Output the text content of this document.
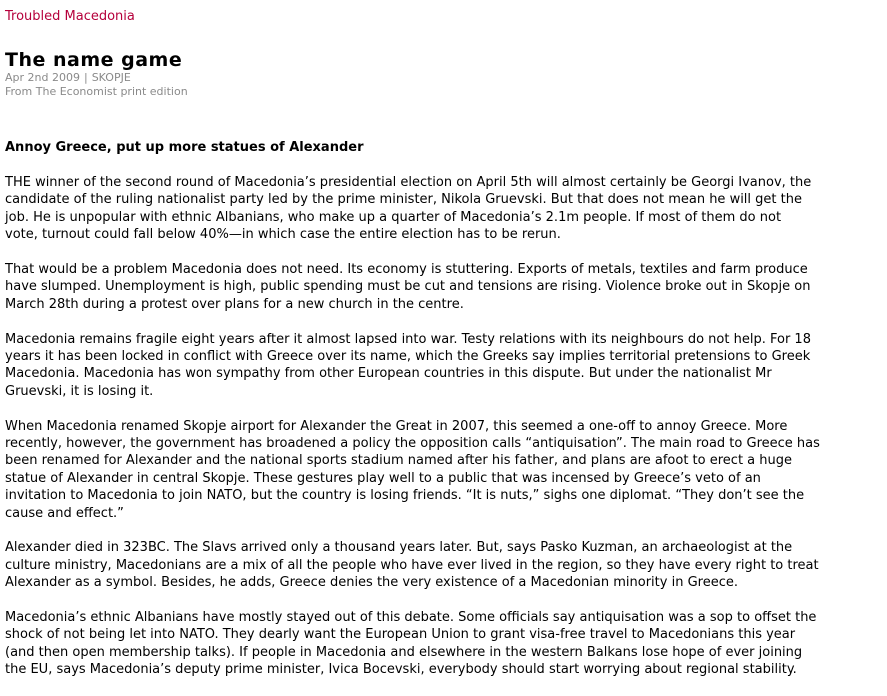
Troubled Macedonia
The name game
Apr 2nd 2009 | SKOPJE
From The Economist print edition
Annoy Greece, put up more statues of Alexander

THE winner of the second round of Macedonia’s presidential election on April 5th will almost certainly be Georgi Ivanov, the
candidate of the ruling nationalist party led by the prime minister, Nikola Gruevski. But that does not mean he will get the
job. He is unpopular with ethnic Albanians, who make up a quarter of Macedonia’s 2.1m people. If most of them do not
vote, turnout could fall below 40%—in which case the entire election has to be rerun.

That would be a problem Macedonia does not need. Its economy is stuttering. Exports of metals, textiles and farm produce
have slumped. Unemployment is high, public spending must be cut and tensions are rising. Violence broke out in Skopje on
March 28th during a protest over plans for a new church in the centre.

Macedonia remains fragile eight years after it almost lapsed into war. Testy relations with its neighbours do not help. For 18
years it has been locked in conflict with Greece over its name, which the Greeks say implies territorial pretensions to Greek
Macedonia. Macedonia has won sympathy from other European countries in this dispute. But under the nationalist Mr
Gruevski, it is losing it.

When Macedonia renamed Skopje airport for Alexander the Great in 2007, this seemed a one-off to annoy Greece. More
recently, however, the government has broadened a policy the opposition calls “antiquisation”. The main road to Greece has
been renamed for Alexander and the national sports stadium named after his father, and plans are afoot to erect a huge
statue of Alexander in central Skopje. These gestures play well to a public that was incensed by Greece’s veto of an
invitation to Macedonia to join NATO, but the country is losing friends. “It is nuts,” sighs one diplomat. “They don’t see the
cause and effect.”

Alexander died in 323BC. The Slavs arrived only a thousand years later. But, says Pasko Kuzman, an archaeologist at the
culture ministry, Macedonians are a mix of all the people who have ever lived in the region, so they have every right to treat
Alexander as a symbol. Besides, he adds, Greece denies the very existence of a Macedonian minority in Greece.

Macedonia’s ethnic Albanians have mostly stayed out of this debate. Some officials say antiquisation was a sop to offset the
shock of not being let into NATO. They dearly want the European Union to grant visa-free travel to Macedonians this year
(and then open membership talks). If people in Macedonia and elsewhere in the western Balkans lose hope of ever joining
the EU, says Macedonia’s deputy prime minister, Ivica Bocevski, everybody should start worrying about regional stability.
